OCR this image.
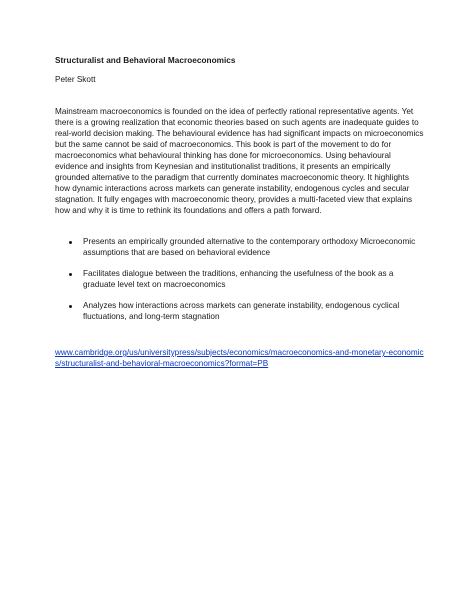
Structuralist and Behavioral Macroeconomics
Peter Skott

Mainstream macroeconomics is founded on the idea of perfectly rational representative agents. Yet there is a growing realization that economic theories based on such agents are inadequate guides to real-world decision making. The behavioural evidence has had significant impacts on microeconomics but the same cannot be said of macroeconomics. This book is part of the movement to do for macroeconomics what behavioural thinking has done for microeconomics. Using behavioural evidence and insights from Keynesian and institutionalist traditions, it presents an empirically grounded alternative to the paradigm that currently dominates macroeconomic theory. It highlights how dynamic interactions across markets can generate instability, endogenous cycles and secular stagnation. It fully engages with macroeconomic theory, provides a multi-faceted view that explains how and why it is time to rethink its foundations and offers a path forward.

Presents an empirically grounded alternative to the contemporary orthodoxy Microeconomic assumptions that are based on behavioral evidence
Facilitates dialogue between the traditions, enhancing the usefulness of the book as a graduate level text on macroeconomics
Analyzes how interactions across markets can generate instability, endogenous cyclical fluctuations, and long-term stagnation
www.cambridge.org/us/universitypress/subjects/economics/macroeconomics-and-monetary-economics/structuralist-and-behavioral-macroeconomics?format=PB
